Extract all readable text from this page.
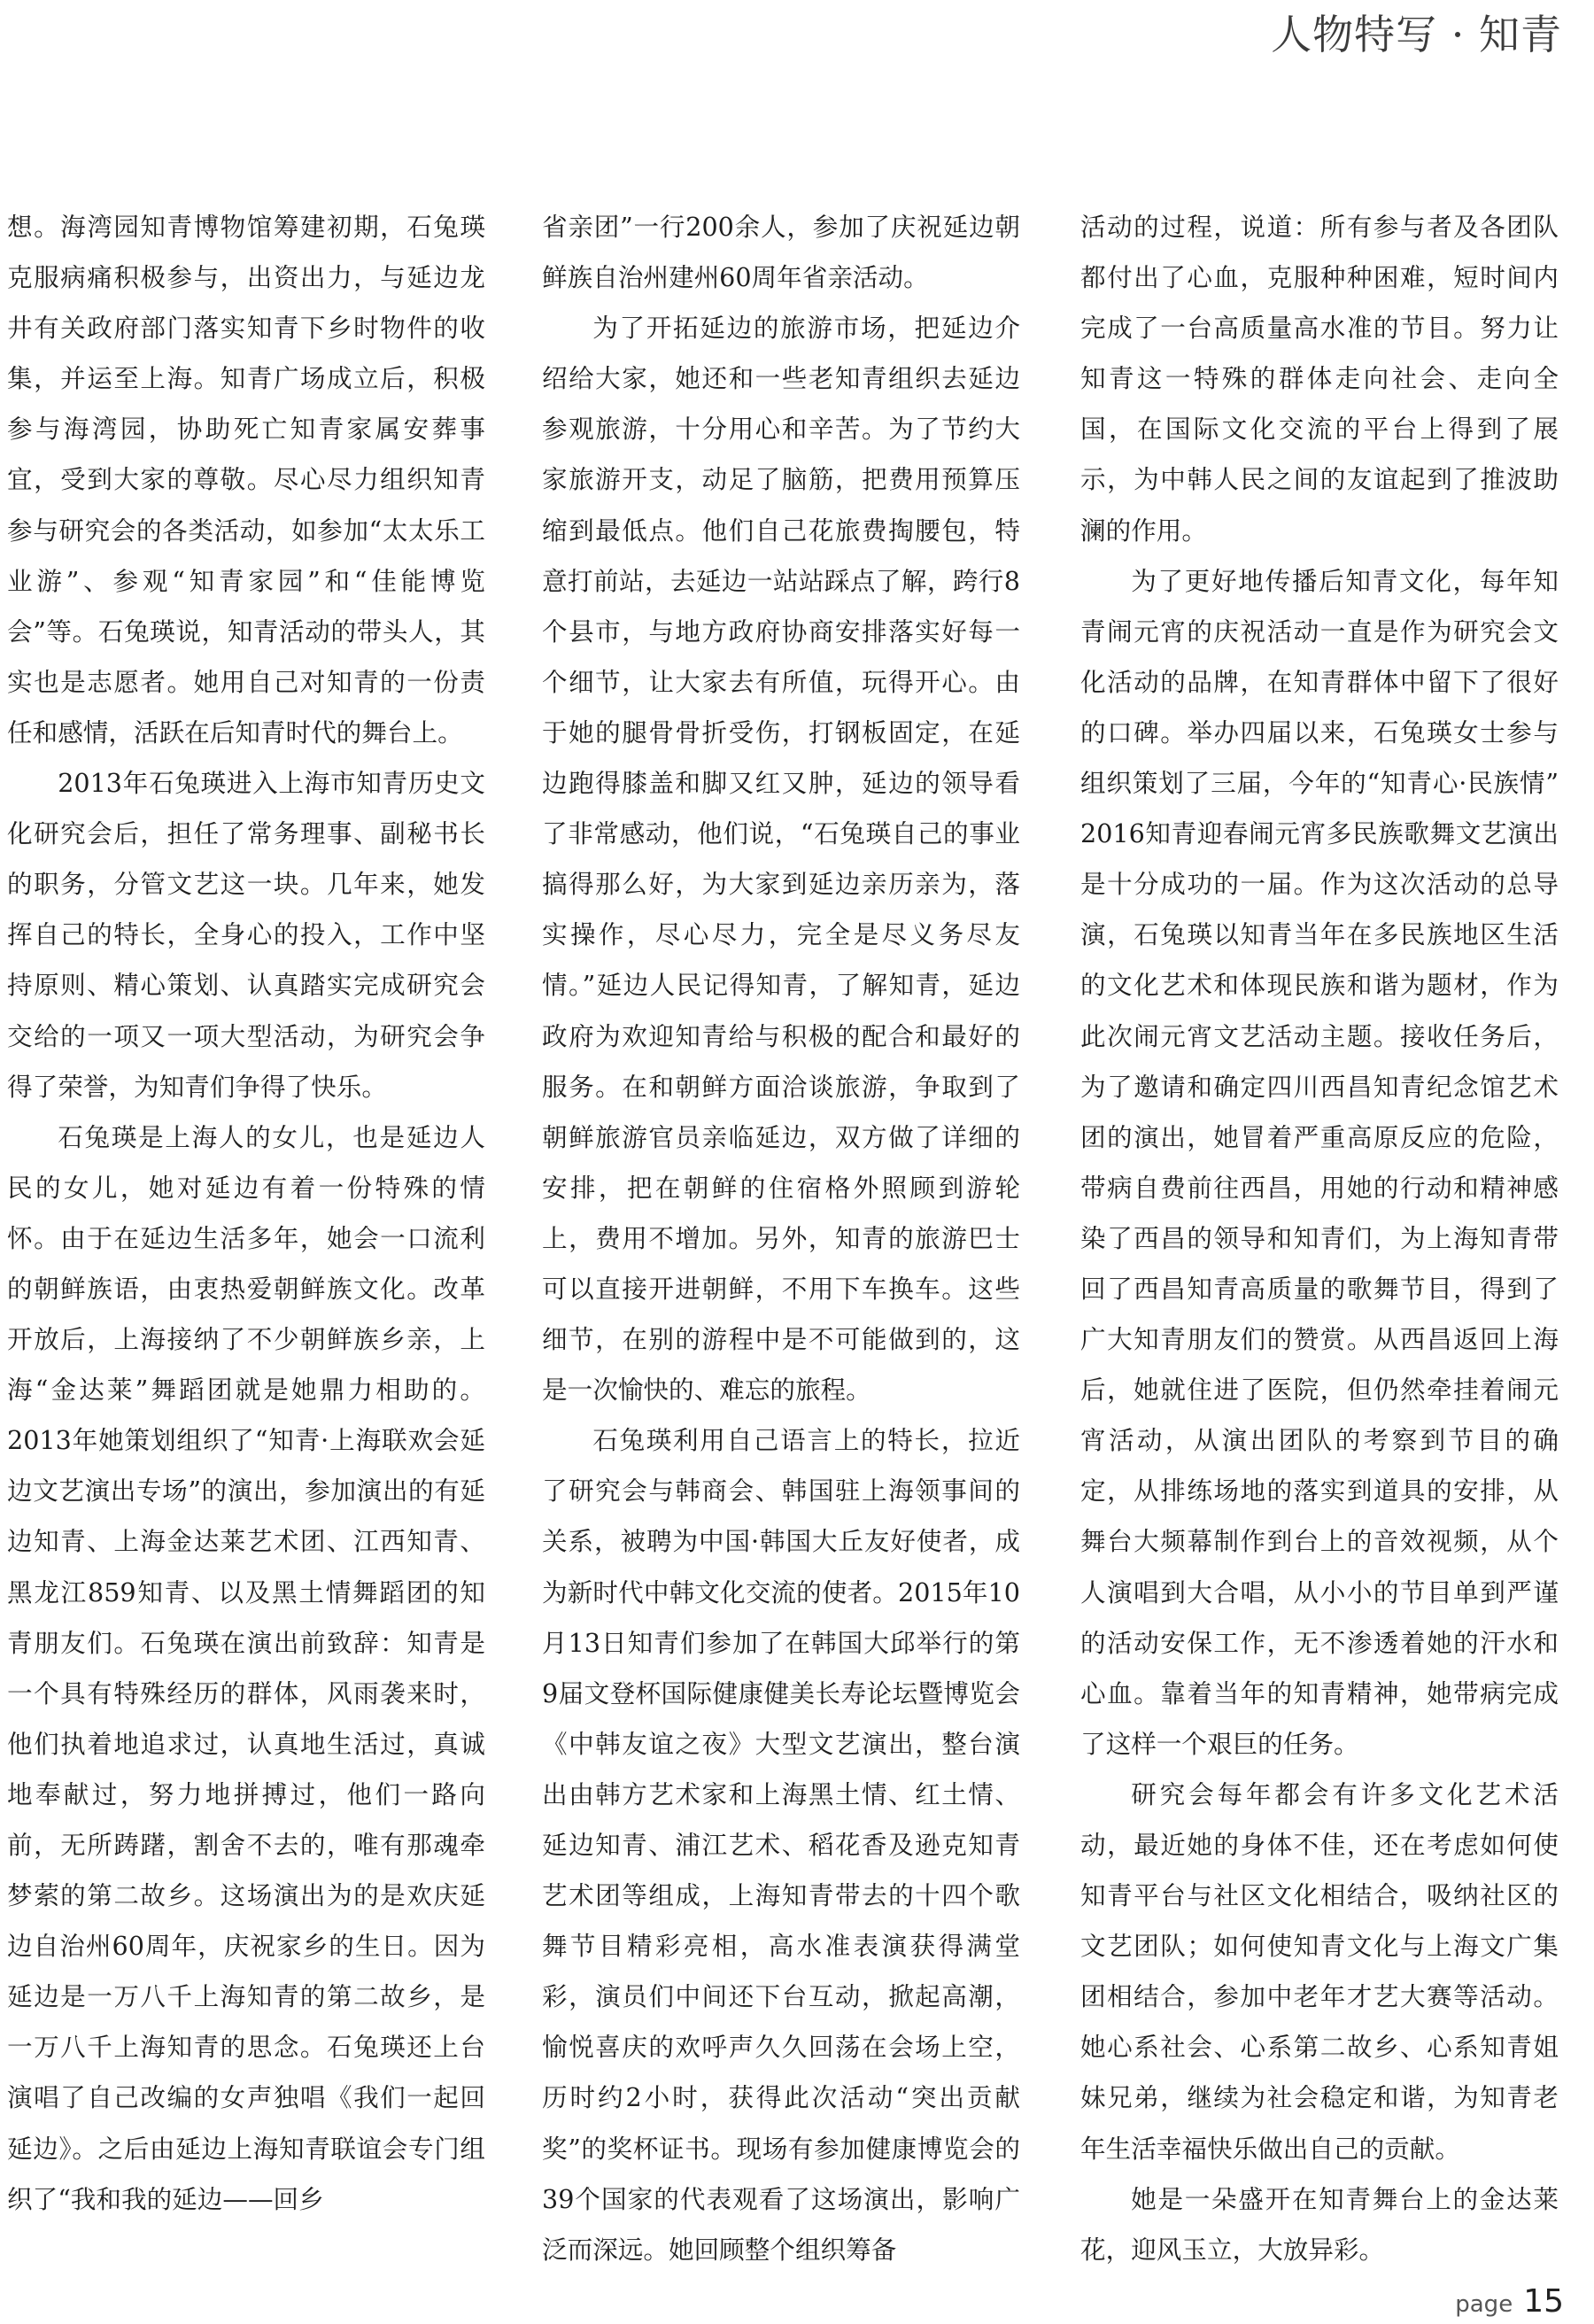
人物特写 · 知青

想。海湾园知青博物馆筹建初期，石兔瑛克服病痛积极参与，出资出力，与延边龙井有关政府部门落实知青下乡时物件的收集，并运至上海。知青广场成立后，积极参与海湾园，协助死亡知青家属安葬事宜，受到大家的尊敬。尽心尽力组织知青参与研究会的各类活动，如参加“太太乐工业游”、参观“知青家园”和“佳能博览会”等。石兔瑛说，知青活动的带头人，其实也是志愿者。她用自己对知青的一份责任和感情，活跃在后知青时代的舞台上。

2013年石兔瑛进入上海市知青历史文化研究会后，担任了常务理事、副秘书长的职务，分管文艺这一块。几年来，她发挥自己的特长，全身心的投入，工作中坚持原则、精心策划、认真踏实完成研究会交给的一项又一项大型活动，为研究会争得了荣誉，为知青们争得了快乐。

石兔瑛是上海人的女儿，也是延边人民的女儿，她对延边有着一份特殊的情怀。由于在延边生活多年，她会一口流利的朝鲜族语，由衷热爱朝鲜族文化。改革开放后，上海接纳了不少朝鲜族乡亲，上海“金达莱”舞蹈团就是她鼎力相助的。2013年她策划组织了“知青·上海联欢会延边文艺演出专场”的演出，参加演出的有延边知青、上海金达莱艺术团、江西知青、黑龙江859知青、以及黑土情舞蹈团的知青朋友们。石兔瑛在演出前致辞：知青是一个具有特殊经历的群体，风雨袭来时，他们执着地追求过，认真地生活过，真诚地奉献过，努力地拼搏过，他们一路向前，无所踌躇，割舍不去的，唯有那魂牵梦萦的第二故乡。这场演出为的是欢庆延边自治州60周年，庆祝家乡的生日。因为延边是一万八千上海知青的第二故乡，是一万八千上海知青的思念。石兔瑛还上台演唱了自己改编的女声独唱《我们一起回延边》。之后由延边上海知青联谊会专门组织了“我和我的延边——回乡

省亲团”一行200余人，参加了庆祝延边朝鲜族自治州建州60周年省亲活动。

为了开拓延边的旅游市场，把延边介绍给大家，她还和一些老知青组织去延边参观旅游，十分用心和辛苦。为了节约大家旅游开支，动足了脑筋，把费用预算压缩到最低点。他们自己花旅费掏腰包，特意打前站，去延边一站站踩点了解，跨行8个县市，与地方政府协商安排落实好每一个细节，让大家去有所值，玩得开心。由于她的腿骨骨折受伤，打钢板固定，在延边跑得膝盖和脚又红又肿，延边的领导看了非常感动，他们说，“石兔瑛自己的事业搞得那么好，为大家到延边亲历亲为，落实操作，尽心尽力，完全是尽义务尽友情。”延边人民记得知青，了解知青，延边政府为欢迎知青给与积极的配合和最好的服务。在和朝鲜方面洽谈旅游，争取到了朝鲜旅游官员亲临延边，双方做了详细的安排，把在朝鲜的住宿格外照顾到游轮上，费用不增加。另外，知青的旅游巴士可以直接开进朝鲜，不用下车换车。这些细节，在别的游程中是不可能做到的，这是一次愉快的、难忘的旅程。

石兔瑛利用自己语言上的特长，拉近了研究会与韩商会、韩国驻上海领事间的关系，被聘为中国·韩国大丘友好使者，成为新时代中韩文化交流的使者。2015年10月13日知青们参加了在韩国大邱举行的第9届文登杯国际健康健美长寿论坛暨博览会《中韩友谊之夜》大型文艺演出，整台演出由韩方艺术家和上海黑土情、红土情、延边知青、浦江艺术、稻花香及逊克知青艺术团等组成，上海知青带去的十四个歌舞节目精彩亮相，高水准表演获得满堂彩，演员们中间还下台互动，掀起高潮，愉悦喜庆的欢呼声久久回荡在会场上空，历时约2小时，获得此次活动“突出贡献奖”的奖杯证书。现场有参加健康博览会的39个国家的代表观看了这场演出，影响广泛而深远。她回顾整个组织筹备

活动的过程，说道：所有参与者及各团队都付出了心血，克服种种困难，短时间内完成了一台高质量高水准的节目。努力让知青这一特殊的群体走向社会、走向全国，在国际文化交流的平台上得到了展示，为中韩人民之间的友谊起到了推波助澜的作用。

为了更好地传播后知青文化，每年知青闹元宵的庆祝活动一直是作为研究会文化活动的品牌，在知青群体中留下了很好的口碑。举办四届以来，石兔瑛女士参与组织策划了三届，今年的“知青心·民族情” 2016知青迎春闹元宵多民族歌舞文艺演出是十分成功的一届。作为这次活动的总导演，石兔瑛以知青当年在多民族地区生活的文化艺术和体现民族和谐为题材，作为此次闹元宵文艺活动主题。接收任务后，为了邀请和确定四川西昌知青纪念馆艺术团的演出，她冒着严重高原反应的危险，带病自费前往西昌，用她的行动和精神感染了西昌的领导和知青们，为上海知青带回了西昌知青高质量的歌舞节目，得到了广大知青朋友们的赞赏。从西昌返回上海后，她就住进了医院，但仍然牵挂着闹元宵活动，从演出团队的考察到节目的确定，从排练场地的落实到道具的安排，从舞台大频幕制作到台上的音效视频，从个人演唱到大合唱，从小小的节目单到严谨的活动安保工作，无不渗透着她的汗水和心血。靠着当年的知青精神，她带病完成了这样一个艰巨的任务。

研究会每年都会有许多文化艺术活动，最近她的身体不佳，还在考虑如何使知青平台与社区文化相结合，吸纳社区的文艺团队；如何使知青文化与上海文广集团相结合，参加中老年才艺大赛等活动。她心系社会、心系第二故乡、心系知青姐妹兄弟，继续为社会稳定和谐，为知青老年生活幸福快乐做出自己的贡献。

她是一朵盛开在知青舞台上的金达莱花，迎风玉立，大放异彩。

page 15
